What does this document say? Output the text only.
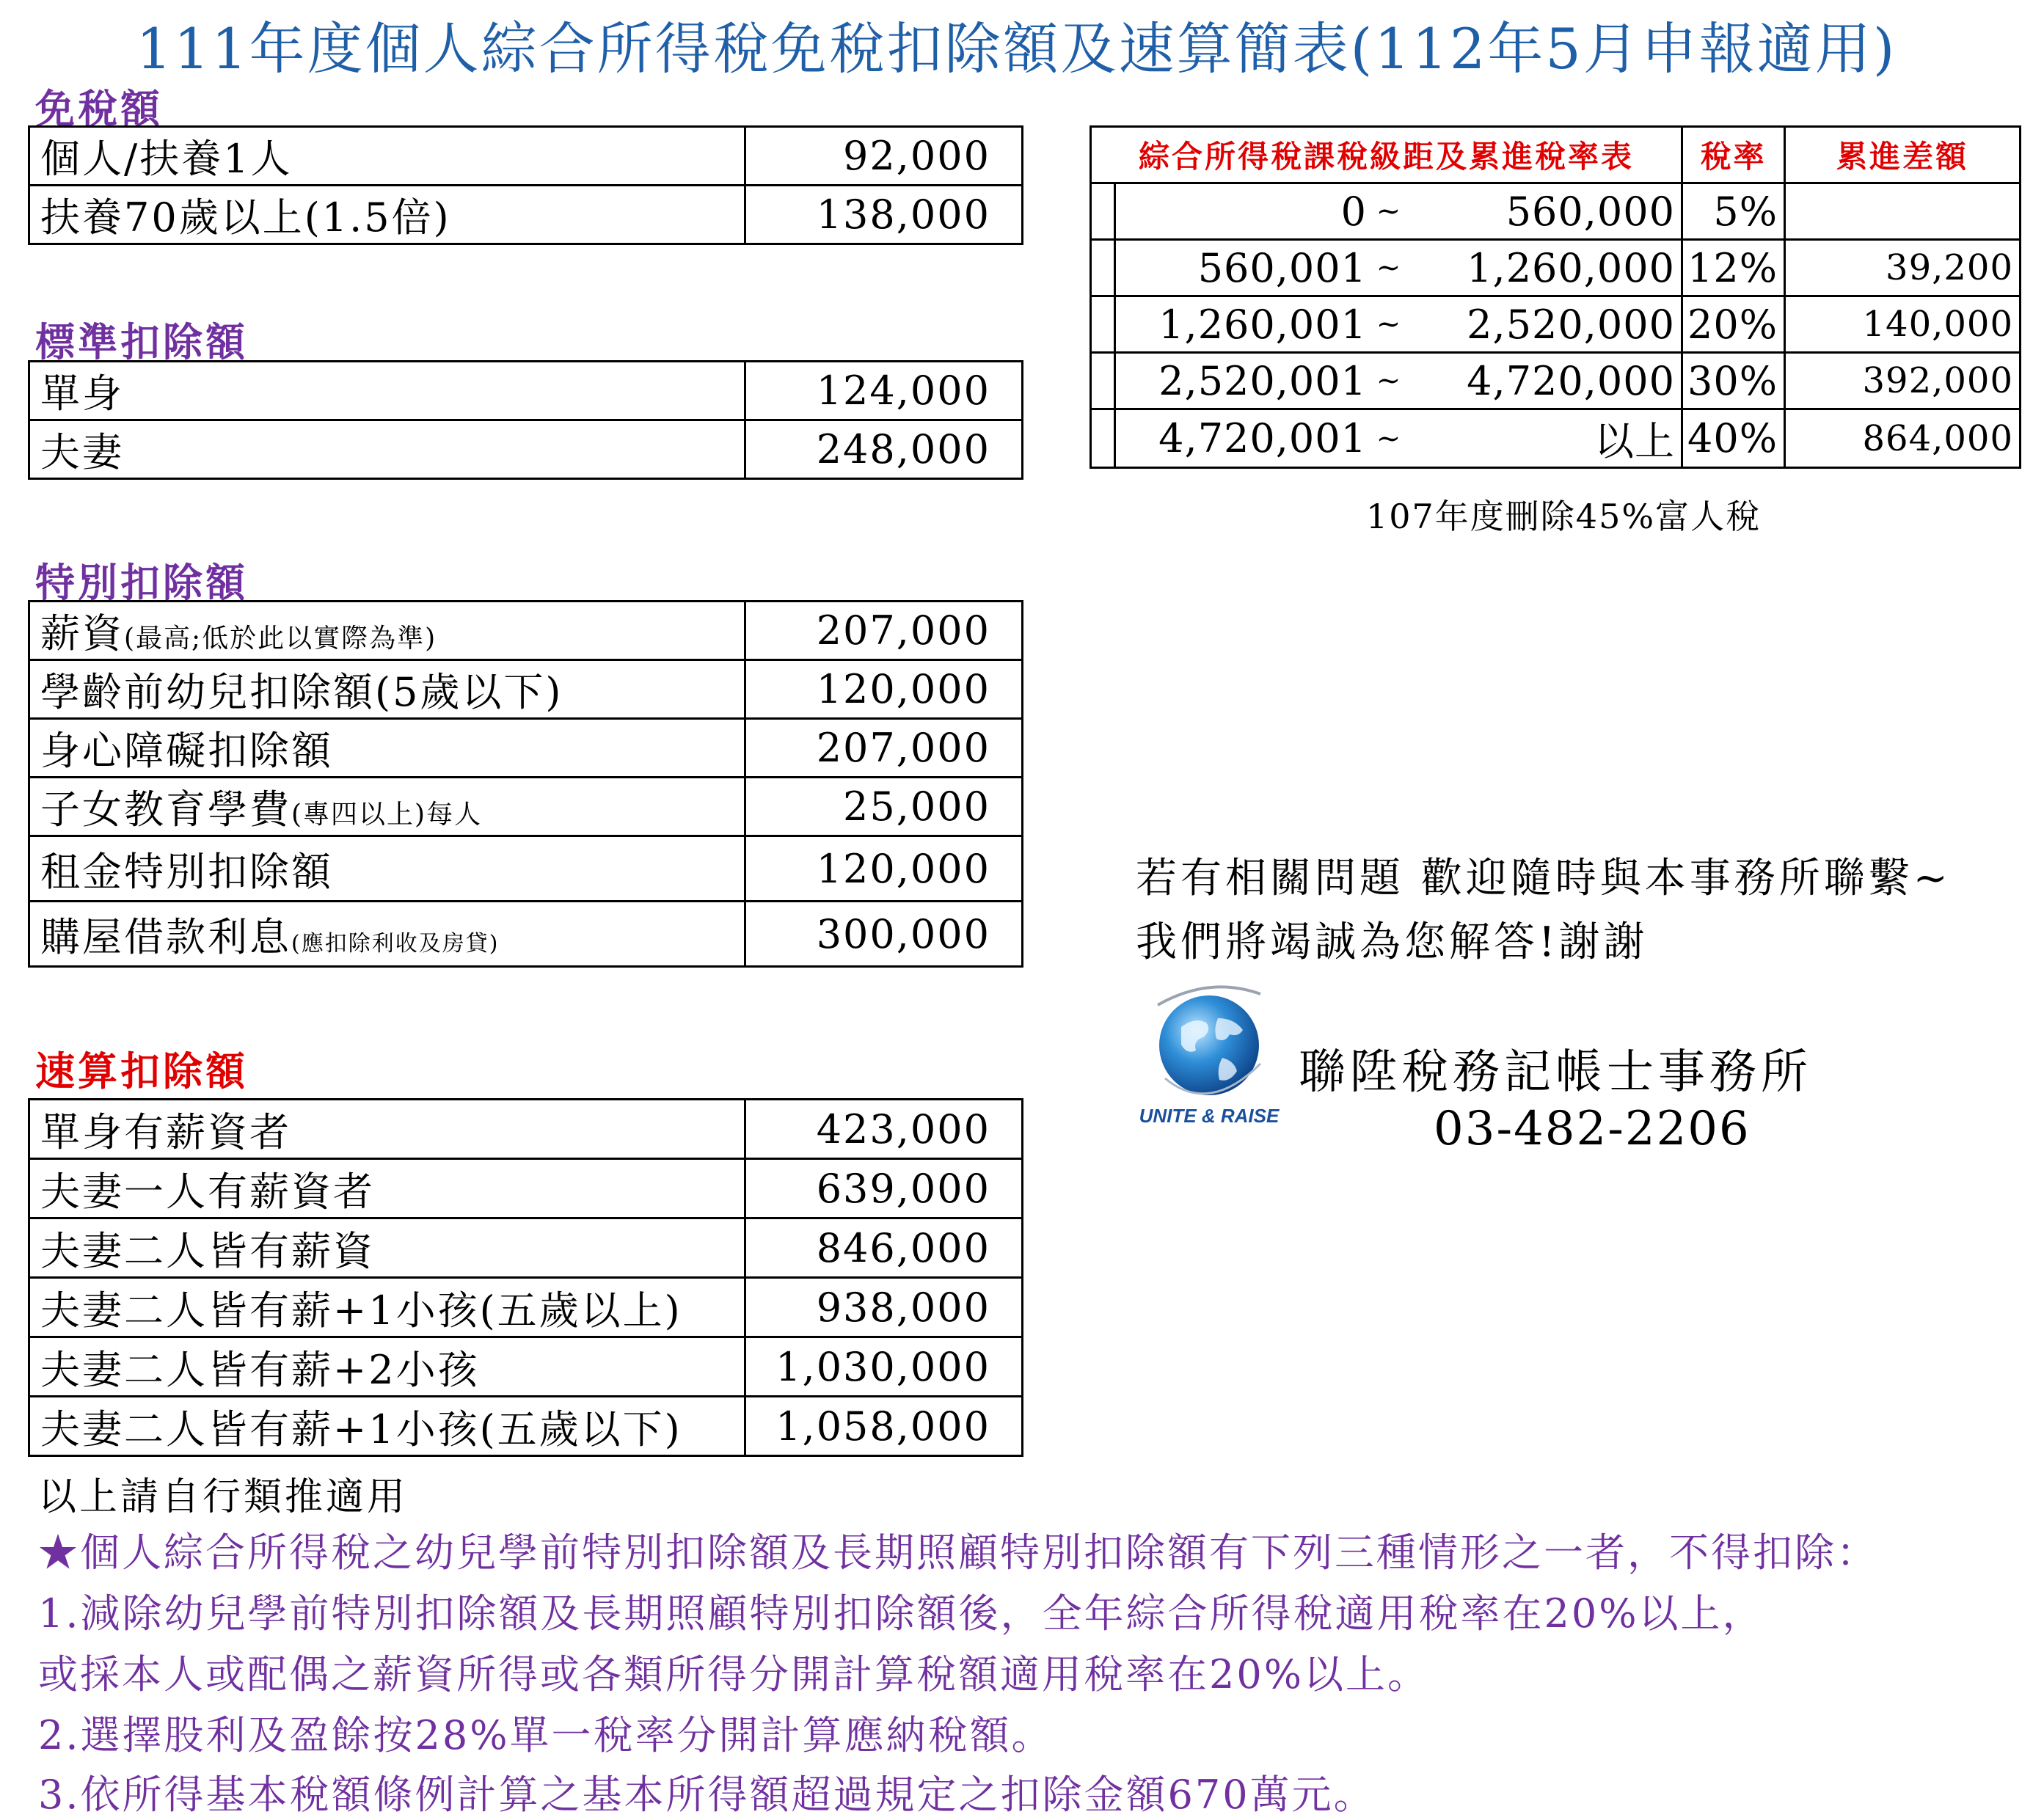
111年度個人綜合所得稅免稅扣除額及速算簡表(112年5月申報適用)
免稅額
個人/扶養1人	92,000
扶養70歲以上(1.5倍)	138,000
標準扣除額
單身	124,000
夫妻	248,000
特別扣除額
薪資(最高;低於此以實際為準)	207,000
學齡前幼兒扣除額(5歲以下)	120,000
身心障礙扣除額	207,000
子女教育學費(專四以上)每人	25,000
租金特別扣除額	120,000
購屋借款利息(應扣除利收及房貸)	300,000
速算扣除額
單身有薪資者	423,000
夫妻一人有薪資者	639,000
夫妻二人皆有薪資	846,000
夫妻二人皆有薪+1小孩(五歲以上)	938,000
夫妻二人皆有薪+2小孩	1,030,000
夫妻二人皆有薪+1小孩(五歲以下)	1,058,000
以上請自行類推適用
綜合所得稅課稅級距及累進稅率表		稅率	累進差額

	0 ~ 560,000	5%	

	560,001 ~ 1,260,000	12%	39,200

	1,260,001 ~ 2,520,000	20%	140,000

	2,520,001 ~ 4,720,000	30%	392,000

	4,720,001 ~ 以上	40%	864,000
107年度刪除45%富人稅
若有相關問題 歡迎隨時與本事務所聯繫~
我們將竭誠為您解答!謝謝
UNITE & RAISE
聯陞稅務記帳士事務所
03-482-2206
★個人綜合所得稅之幼兒學前特別扣除額及長期照顧特別扣除額有下列三種情形之一者，不得扣除：
1.減除幼兒學前特別扣除額及長期照顧特別扣除額後，全年綜合所得稅適用稅率在20%以上，
或採本人或配偶之薪資所得或各類所得分開計算稅額適用稅率在20%以上。
2.選擇股利及盈餘按28%單一稅率分開計算應納稅額。
3.依所得基本稅額條例計算之基本所得額超過規定之扣除金額670萬元。
